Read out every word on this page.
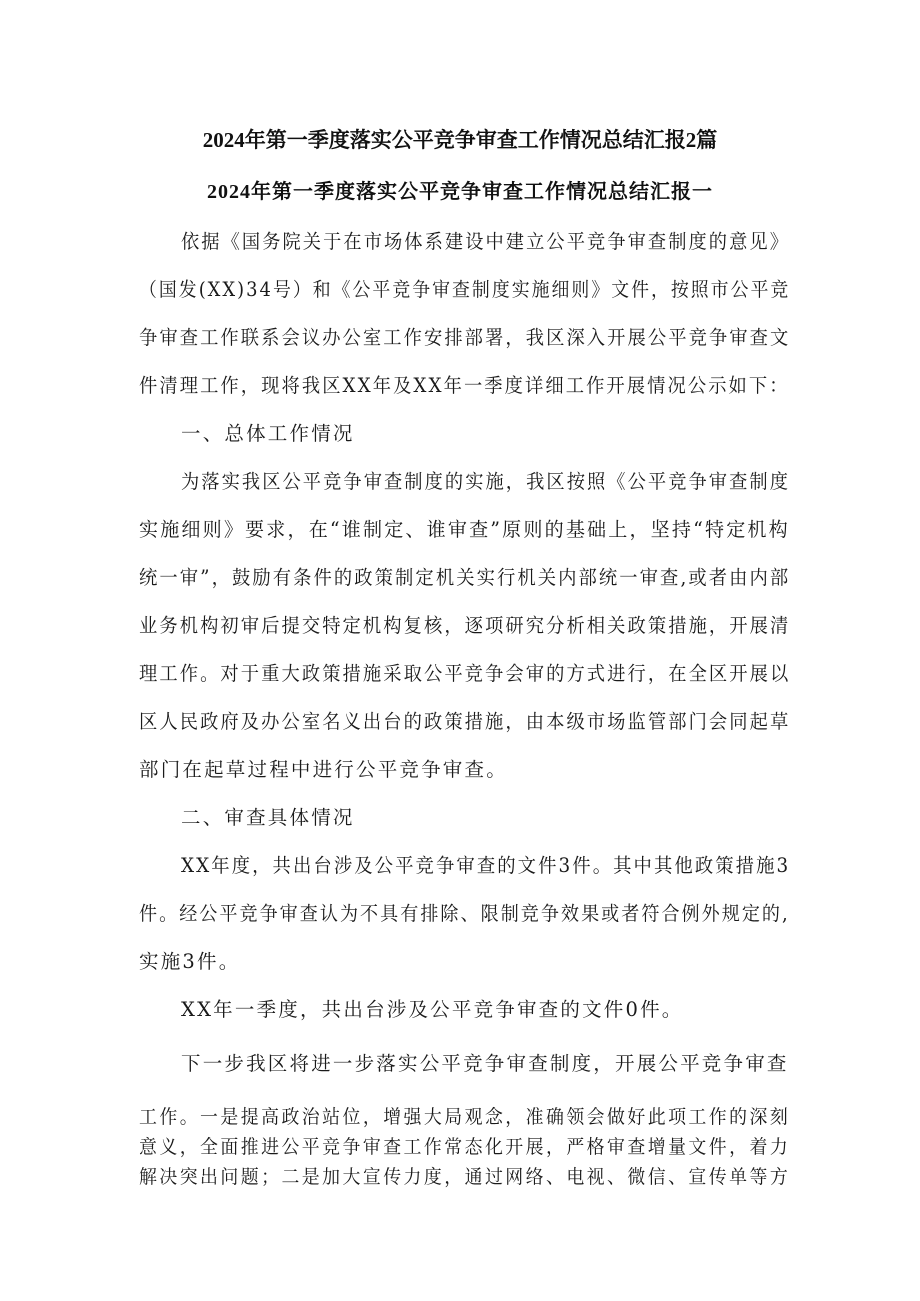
2024年第一季度落实公平竞争审查工作情况总结汇报2篇
2024年第一季度落实公平竞争审查工作情况总结汇报一
依据《国务院关于在市场体系建设中建立公平竞争审查制度的意见》
（国发(XX)34号）和《公平竞争审查制度实施细则》文件，按照市公平竞
争审查工作联系会议办公室工作安排部署，我区深入开展公平竞争审查文
件清理工作，现将我区XX年及XX年一季度详细工作开展情况公示如下：
一、总体工作情况
为落实我区公平竞争审查制度的实施，我区按照《公平竞争审查制度
实施细则》要求，在“谁制定、谁审查”原则的基础上，坚持“特定机构
统一审”，鼓励有条件的政策制定机关实行机关内部统一审查,或者由内部
业务机构初审后提交特定机构复核，逐项研究分析相关政策措施，开展清
理工作。对于重大政策措施采取公平竞争会审的方式进行，在全区开展以
区人民政府及办公室名义出台的政策措施，由本级市场监管部门会同起草
部门在起草过程中进行公平竞争审查。
二、审查具体情况
XX年度，共出台涉及公平竞争审查的文件3件。其中其他政策措施3
件。经公平竞争审查认为不具有排除、限制竞争效果或者符合例外规定的,
实施3件。
XX年一季度，共出台涉及公平竞争审查的文件0件。
下一步我区将进一步落实公平竞争审查制度，开展公平竞争审查
工作。一是提高政治站位，增强大局观念，准确领会做好此项工作的深刻
意义，全面推进公平竞争审查工作常态化开展，严格审查增量文件，着力
解决突出问题；二是加大宣传力度，通过网络、电视、微信、宣传单等方
